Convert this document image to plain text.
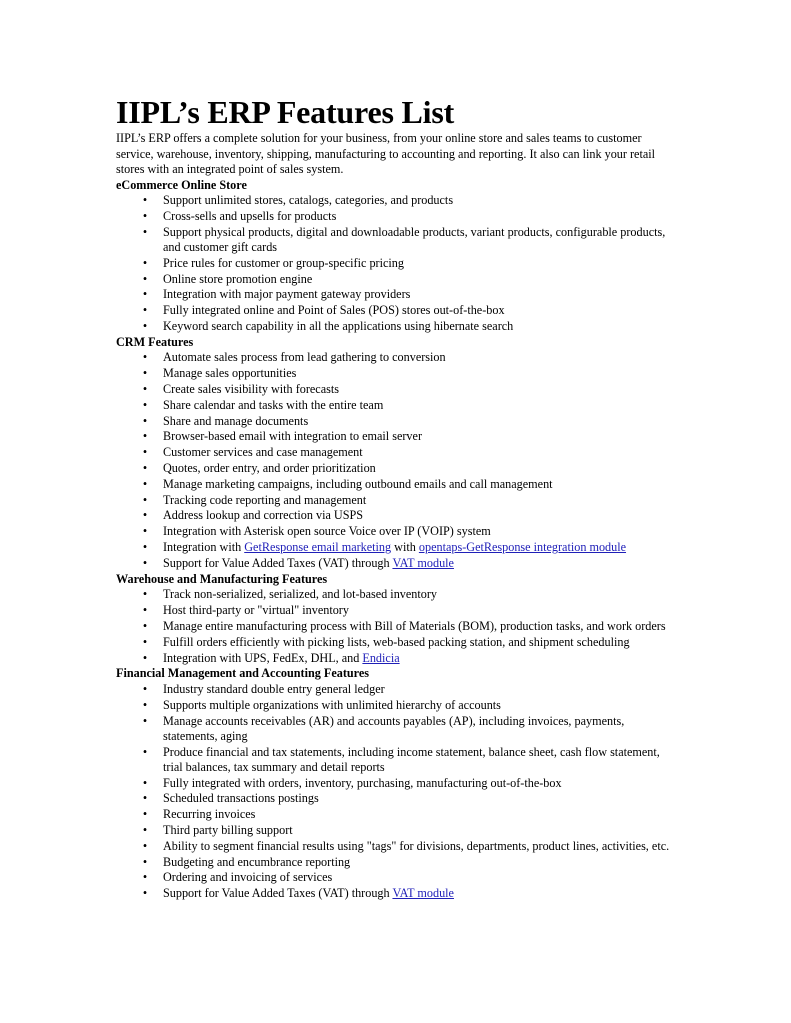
IIPL’s ERP Features List

IIPL’s ERP offers a complete solution for your business, from your online store and sales teams to customer service, warehouse, inventory, shipping, manufacturing to accounting and reporting. It also can link your retail stores with an integrated point of sales system.

eCommerce Online Store
• Support unlimited stores, catalogs, categories, and products
• Cross-sells and upsells for products
• Support physical products, digital and downloadable products, variant products, configurable products, and customer gift cards
• Price rules for customer or group-specific pricing
• Online store promotion engine
• Integration with major payment gateway providers
• Fully integrated online and Point of Sales (POS) stores out-of-the-box
• Keyword search capability in all the applications using hibernate search
CRM Features
• Automate sales process from lead gathering to conversion
• Manage sales opportunities
• Create sales visibility with forecasts
• Share calendar and tasks with the entire team
• Share and manage documents
• Browser-based email with integration to email server
• Customer services and case management
• Quotes, order entry, and order prioritization
• Manage marketing campaigns, including outbound emails and call management
• Tracking code reporting and management
• Address lookup and correction via USPS
• Integration with Asterisk open source Voice over IP (VOIP) system
• Integration with GetResponse email marketing with opentaps-GetResponse integration module
• Support for Value Added Taxes (VAT) through VAT module
Warehouse and Manufacturing Features
• Track non-serialized, serialized, and lot-based inventory
• Host third-party or "virtual" inventory
• Manage entire manufacturing process with Bill of Materials (BOM), production tasks, and work orders
• Fulfill orders efficiently with picking lists, web-based packing station, and shipment scheduling
• Integration with UPS, FedEx, DHL, and Endicia
Financial Management and Accounting Features
• Industry standard double entry general ledger
• Supports multiple organizations with unlimited hierarchy of accounts
• Manage accounts receivables (AR) and accounts payables (AP), including invoices, payments, statements, aging
• Produce financial and tax statements, including income statement, balance sheet, cash flow statement, trial balances, tax summary and detail reports
• Fully integrated with orders, inventory, purchasing, manufacturing out-of-the-box
• Scheduled transactions postings
• Recurring invoices
• Third party billing support
• Ability to segment financial results using "tags" for divisions, departments, product lines, activities, etc.
• Budgeting and encumbrance reporting
• Ordering and invoicing of services
• Support for Value Added Taxes (VAT) through VAT module
